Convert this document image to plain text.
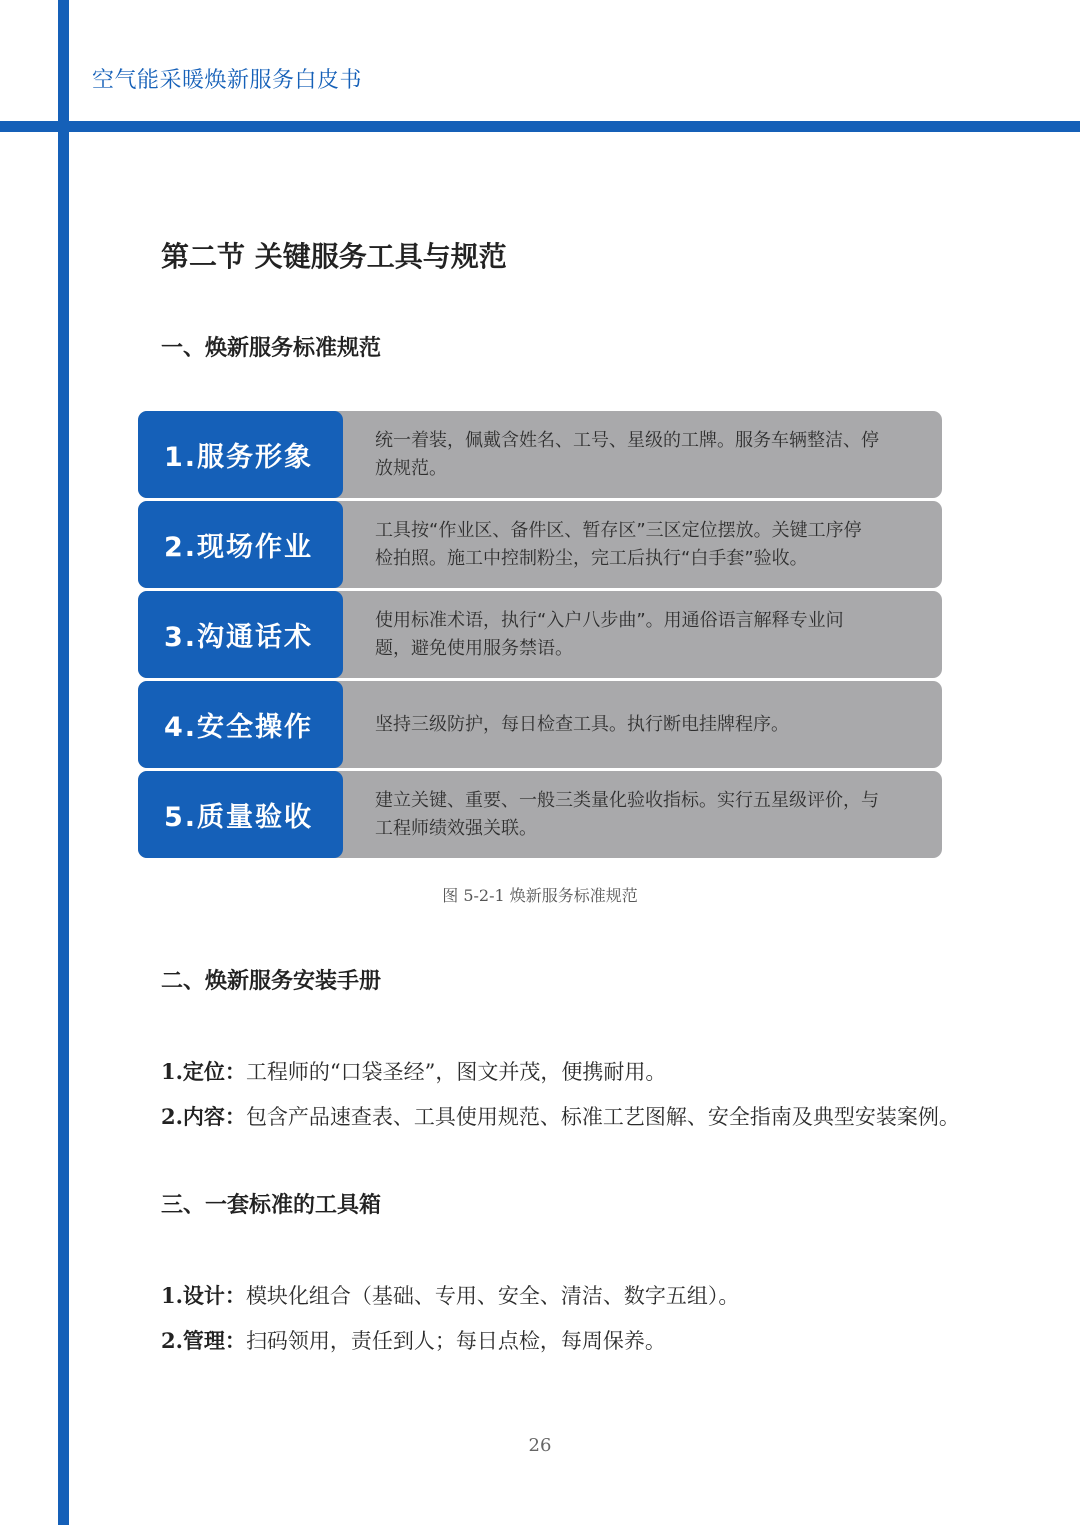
空气能采暖焕新服务白皮书
第二节 关键服务工具与规范
一、焕新服务标准规范
1.服务形象
统一着装，佩戴含姓名、工号、星级的工牌。服务车辆整洁、停
放规范。
2.现场作业
工具按“作业区、备件区、暂存区”三区定位摆放。关键工序停
检拍照。施工中控制粉尘，完工后执行“白手套”验收。
3.沟通话术
使用标准术语，执行“入户八步曲”。用通俗语言解释专业问
题，避免使用服务禁语。
4.安全操作	坚持三级防护，每日检查工具。执行断电挂牌程序。
5.质量验收
建立关键、重要、一般三类量化验收指标。实行五星级评价，与
工程师绩效强关联。
图 5-2-1 焕新服务标准规范
二、焕新服务安装手册
1.定位：工程师的“口袋圣经”，图文并茂，便携耐用。
2.内容：包含产品速查表、工具使用规范、标准工艺图解、安全指南及典型安装案例。
三、一套标准的工具箱
1.设计：模块化组合（基础、专用、安全、清洁、数字五组）。
2.管理：扫码领用，责任到人；每日点检，每周保养。
26
